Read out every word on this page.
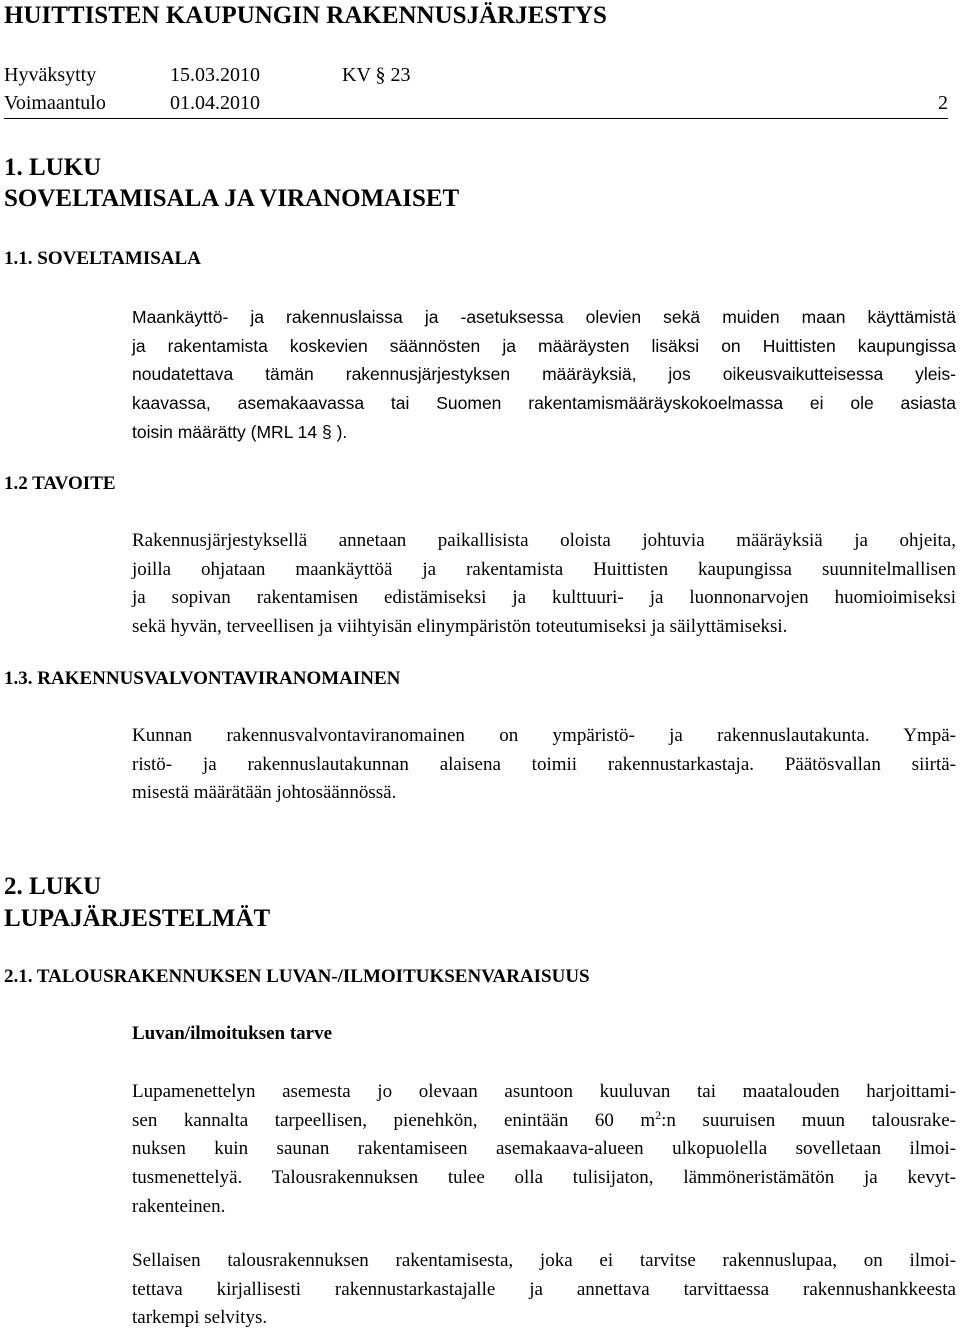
HUITTISTEN KAUPUNGIN RAKENNUSJÄRJESTYS
Hyväksytty	15.03.2010	KV § 23
Voimaantulo	01.04.2010	2
1. LUKU
SOVELTAMISALA JA VIRANOMAISET
1.1. SOVELTAMISALA
Maankäyttö- ja rakennuslaissa ja -asetuksessa olevien sekä muiden maan käyttämistä
ja rakentamista koskevien säännösten ja määräysten lisäksi on Huittisten kaupungissa
noudatettava tämän rakennusjärjestyksen määräyksiä, jos oikeusvaikutteisessa yleis-
kaavassa, asemakaavassa tai Suomen rakentamismääräyskokoelmassa ei ole asiasta
toisin määrätty (MRL 14 § ).
1.2 TAVOITE
Rakennusjärjestyksellä annetaan paikallisista oloista johtuvia määräyksiä ja ohjeita,
joilla ohjataan maankäyttöä ja rakentamista Huittisten kaupungissa suunnitelmallisen
ja sopivan rakentamisen edistämiseksi ja kulttuuri- ja luonnonarvojen huomioimiseksi
sekä hyvän, terveellisen ja viihtyisän elinympäristön toteutumiseksi ja säilyttämiseksi.
1.3. RAKENNUSVALVONTAVIRANOMAINEN
Kunnan rakennusvalvontaviranomainen on ympäristö- ja rakennuslautakunta. Ympä-
ristö- ja rakennuslautakunnan alaisena toimii rakennustarkastaja. Päätösvallan siirtä-
misestä määrätään johtosäännössä.
2. LUKU
LUPAJÄRJESTELMÄT
2.1. TALOUSRAKENNUKSEN LUVAN-/ILMOITUKSENVARAISUUS
Luvan/ilmoituksen tarve
Lupamenettelyn asemesta jo olevaan asuntoon kuuluvan tai maatalouden harjoittami-
sen kannalta tarpeellisen, pienehkön, enintään 60 $m^2:n$ suuruisen muun talousrake-
nuksen kuin saunan rakentamiseen asemakaava-alueen ulkopuolella sovelletaan ilmoi-
tusmenettelyä. Talousrakennuksen tulee olla tulisijaton, lämmöneristämätön ja kevyt-
rakenteinen.
Sellaisen talousrakennuksen rakentamisesta, joka ei tarvitse rakennuslupaa, on ilmoi-
tettava kirjallisesti rakennustarkastajalle ja annettava tarvittaessa rakennushankkeesta
tarkempi selvitys.
